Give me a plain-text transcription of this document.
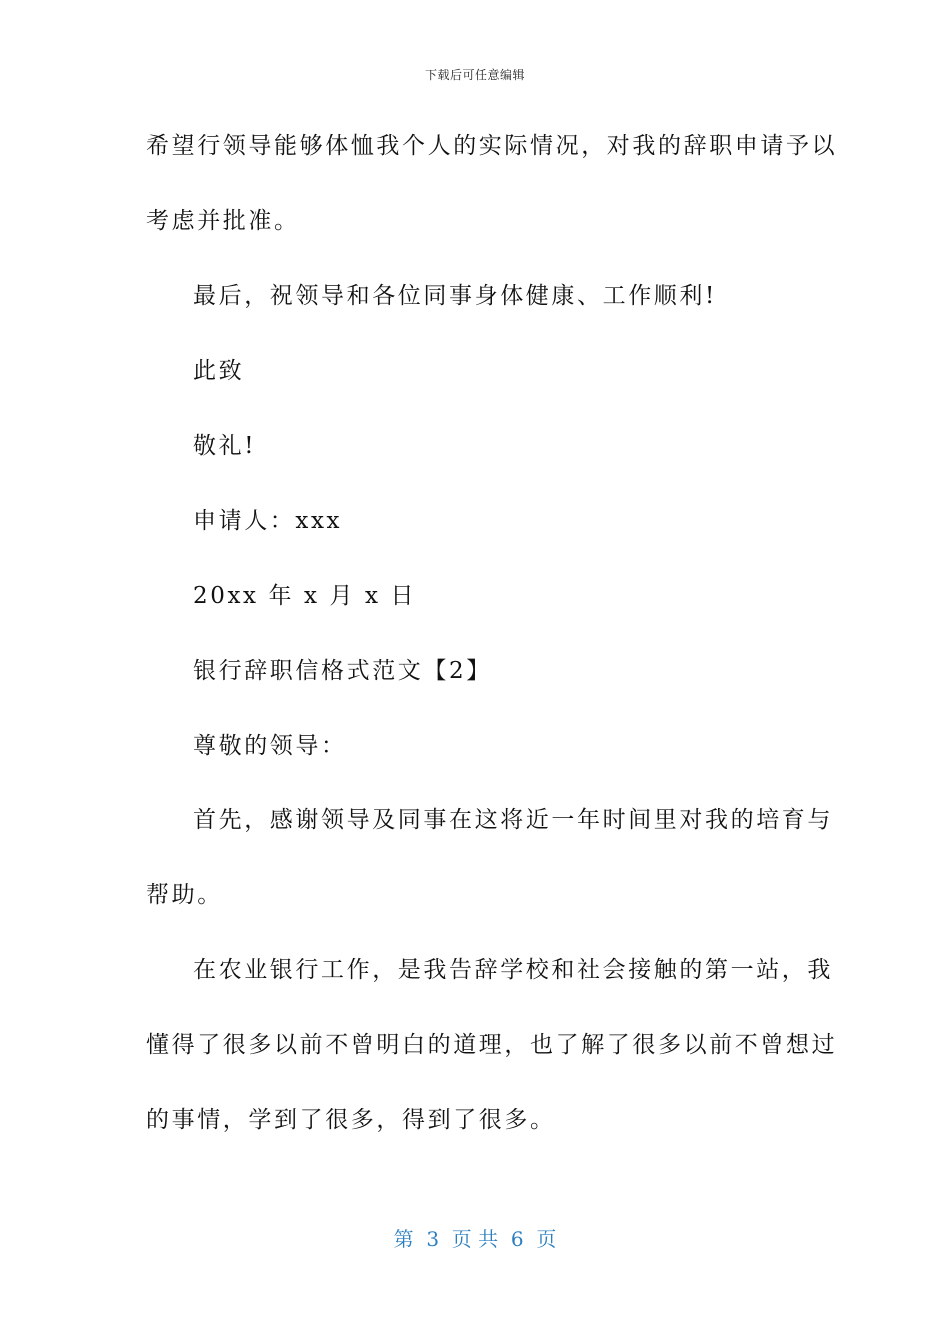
下载后可任意编辑
希望行领导能够体恤我个人的实际情况，对我的辞职申请予以
考虑并批准。
最后，祝领导和各位同事身体健康、工作顺利!
此致
敬礼!
申请人：xxx
20xx 年 x 月 x 日
银行辞职信格式范文【2】
尊敬的领导：
首先，感谢领导及同事在这将近一年时间里对我的培育与
帮助。
在农业银行工作，是我告辞学校和社会接触的第一站，我
懂得了很多以前不曾明白的道理，也了解了很多以前不曾想过
的事情，学到了很多，得到了很多。
第  3  页 共  6  页
